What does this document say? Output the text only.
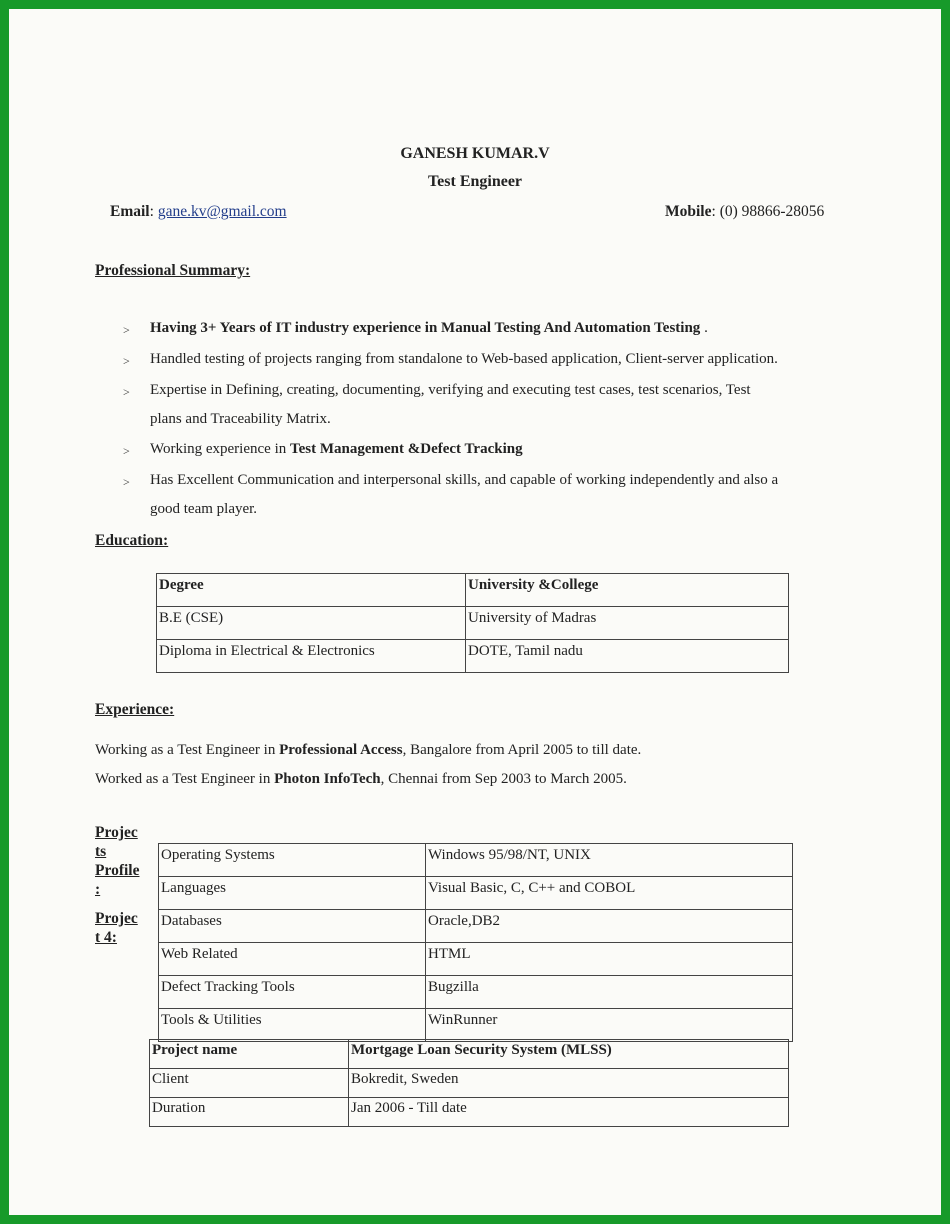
GANESH KUMAR.V
Test Engineer
Email: gane.kv@gmail.com	Mobile: (0) 98866-28056
Professional Summary:
> Having 3+ Years of IT industry experience in Manual Testing And Automation Testing .
> Handled testing of projects ranging from standalone to Web-based application, Client-server application.
> Expertise in Defining, creating, documenting, verifying and executing test cases, test scenarios, Test
plans and Traceability Matrix.
> Working experience in Test Management &Defect Tracking
> Has Excellent Communication and interpersonal skills, and capable of working independently and also a
good team player.
Education:
Degree	University &College
B.E (CSE)	University of Madras
Diploma in Electrical & Electronics	DOTE, Tamil nadu
Experience:
Working as a Test Engineer in Professional Access, Bangalore from April 2005 to till date.
Worked as a Test Engineer in Photon InfoTech, Chennai from Sep 2003 to March 2005.
Projec
ts
Profile
:
Projec
t 4:
Operating Systems	Windows 95/98/NT, UNIX
Languages	Visual Basic, C, C++ and COBOL
Databases	Oracle,DB2
Web Related	HTML
Defect Tracking Tools	Bugzilla
Tools & Utilities	WinRunner
Project name	Mortgage Loan Security System (MLSS)
Client	Bokredit, Sweden
Duration	Jan 2006 - Till date
